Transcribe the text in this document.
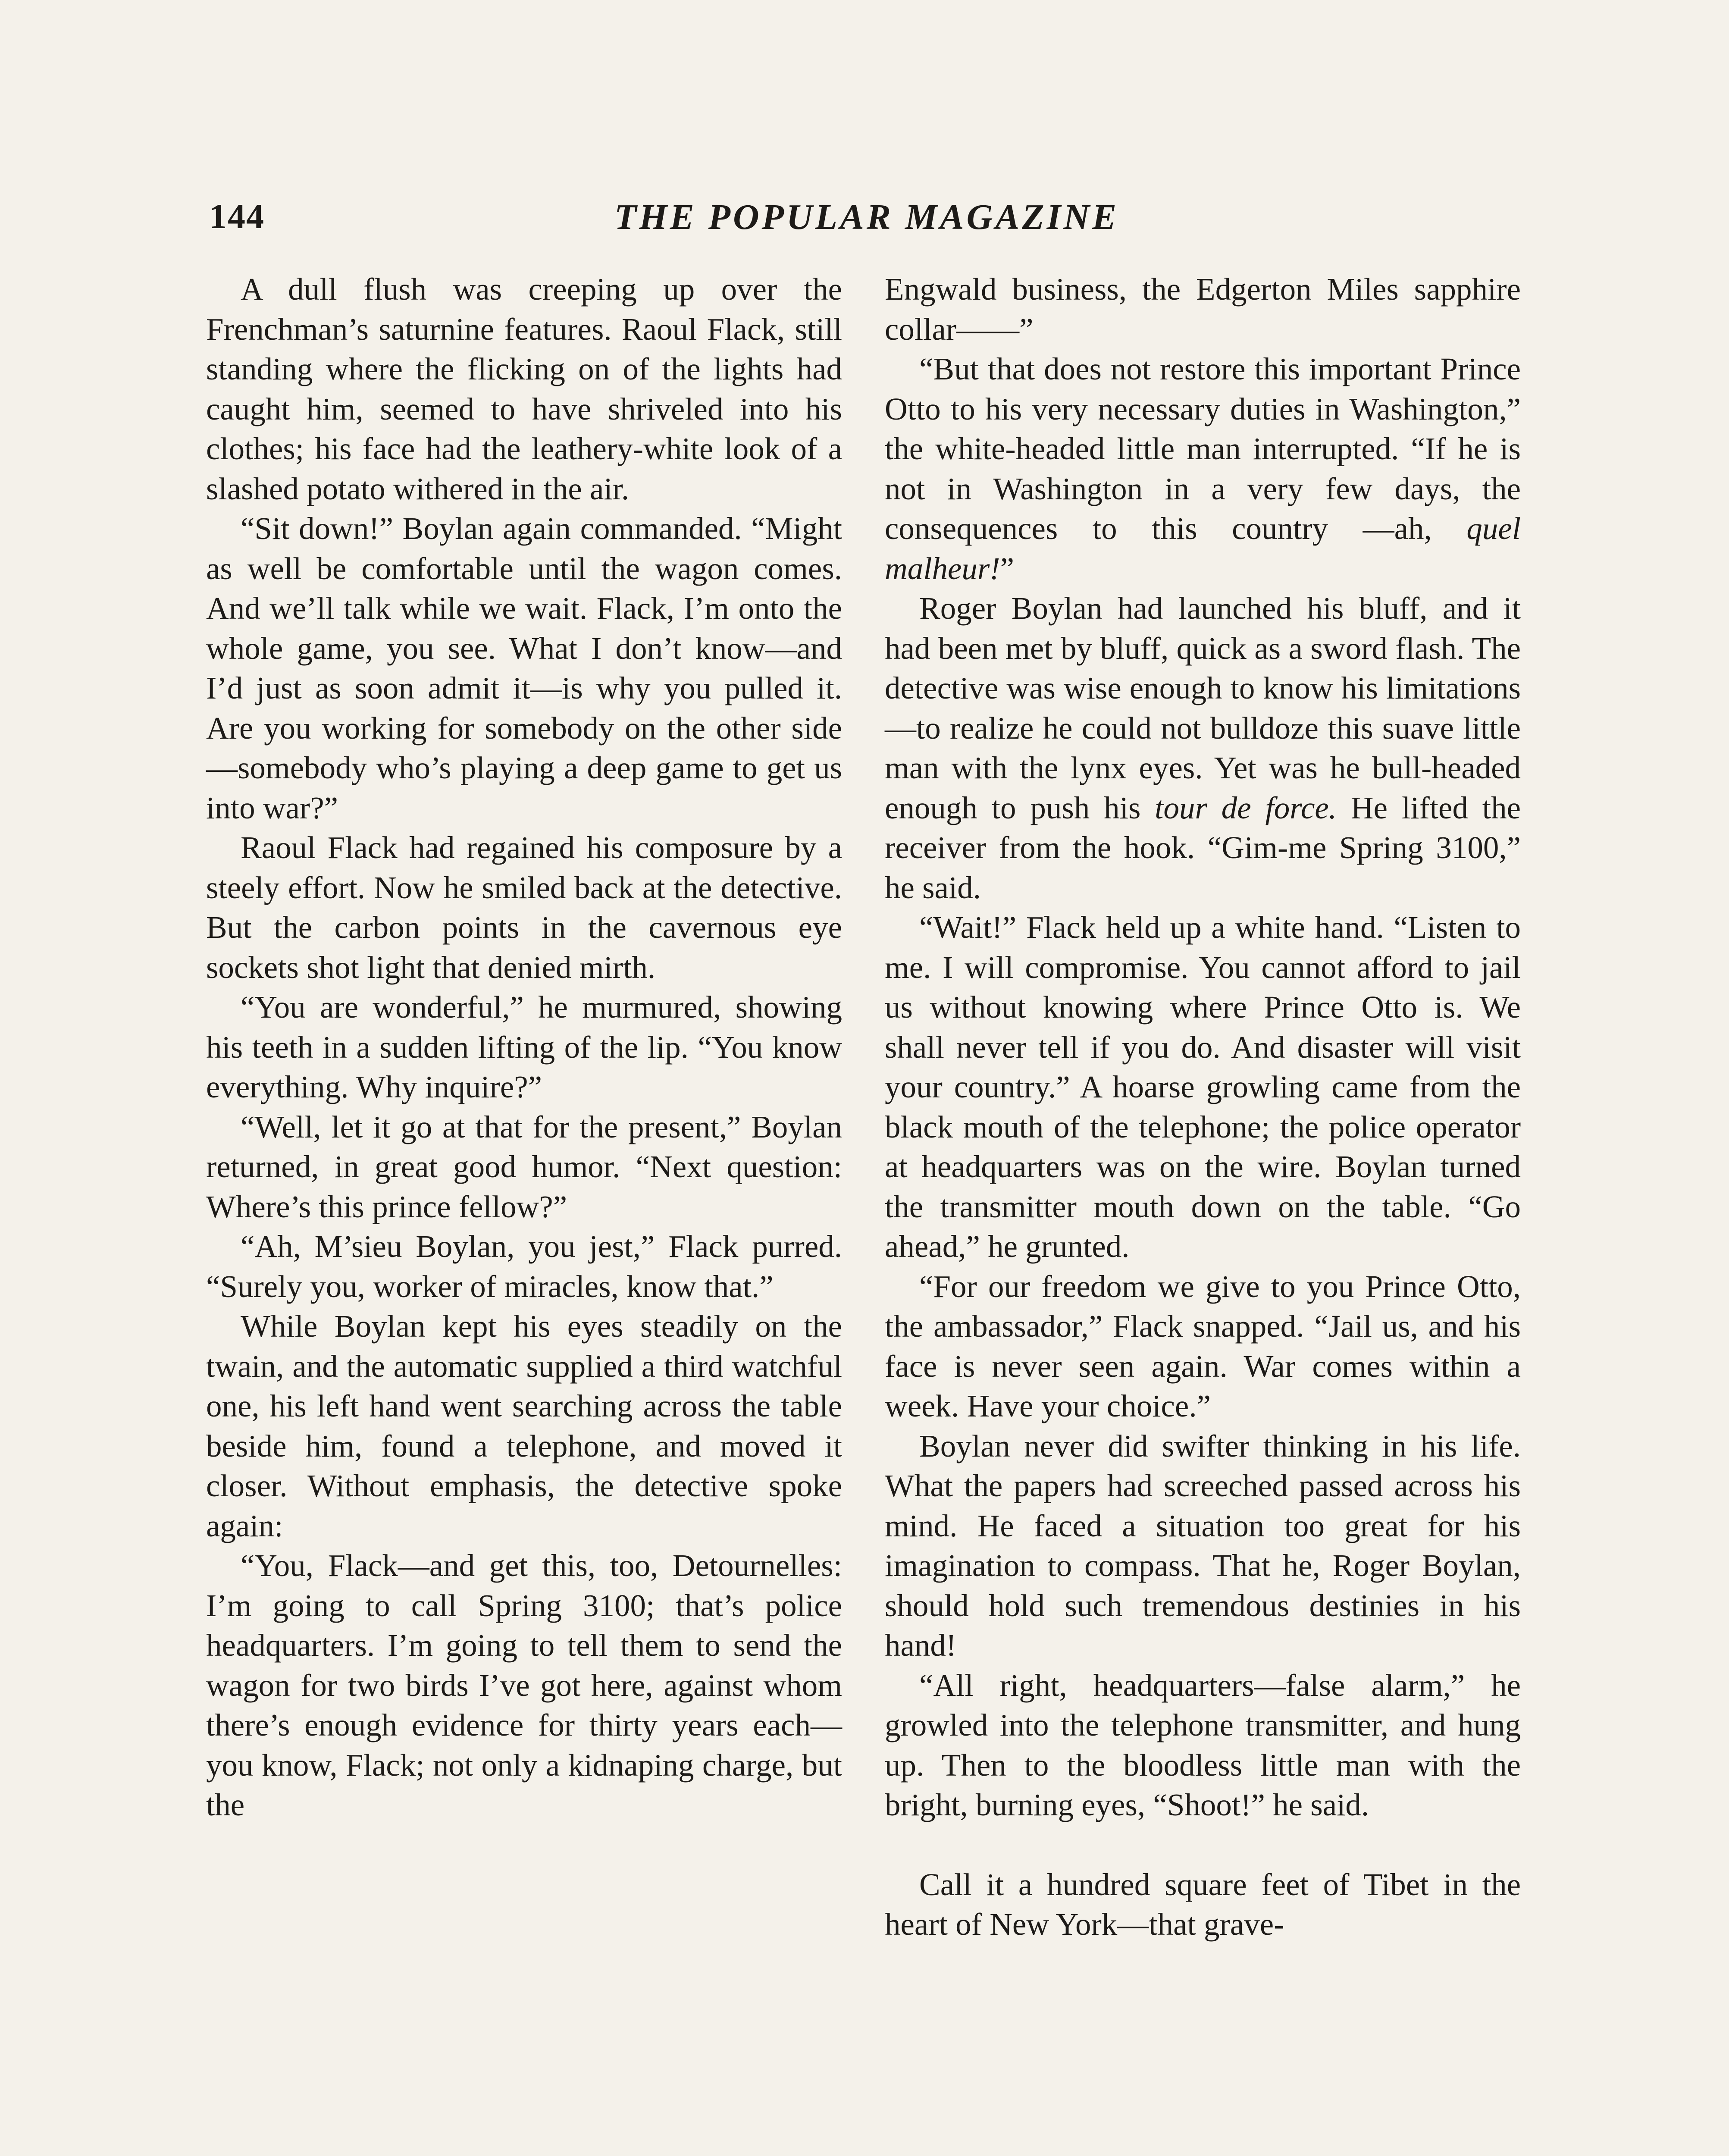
144	THE POPULAR MAGAZINE

A dull flush was creeping up over the Frenchman’s saturnine features. Raoul Flack, still standing where the flicking on of the lights had caught him, seemed to have shriveled into his clothes; his face had the leathery-white look of a slashed potato withered in the air.

“Sit down!” Boylan again commanded. “Might as well be comfortable until the wagon comes. And we’ll talk while we wait. Flack, I’m onto the whole game, you see. What I don’t know—and I’d just as soon admit it—is why you pulled it. Are you working for somebody on the other side—somebody who’s playing a deep game to get us into war?”

Raoul Flack had regained his composure by a steely effort. Now he smiled back at the detective. But the carbon points in the cavernous eye sockets shot light that denied mirth.

“You are wonderful,” he murmured, showing his teeth in a sudden lifting of the lip. “You know everything. Why inquire?”

“Well, let it go at that for the present,” Boylan returned, in great good humor. “Next question: Where’s this prince fellow?”

“Ah, M’sieu Boylan, you jest,” Flack purred. “Surely you, worker of miracles, know that.”

While Boylan kept his eyes steadily on the twain, and the automatic supplied a third watchful one, his left hand went searching across the table beside him, found a telephone, and moved it closer. Without emphasis, the detective spoke again:

“You, Flack—and get this, too, Detournelles: I’m going to call Spring 3100; that’s police headquarters. I’m going to tell them to send the wagon for two birds I’ve got here, against whom there’s enough evidence for thirty years each—you know, Flack; not only a kidnaping charge, but the

Engwald business, the Edgerton Miles sapphire collar——”

“But that does not restore this important Prince Otto to his very necessary duties in Washington,” the white-headed little man interrupted. “If he is not in Washington in a very few days, the consequences to this country —ah, quel malheur!”

Roger Boylan had launched his bluff, and it had been met by bluff, quick as a sword flash. The detective was wise enough to know his limitations—to realize he could not bulldoze this suave little man with the lynx eyes. Yet was he bull-headed enough to push his tour de force. He lifted the receiver from the hook. “Gim-me Spring 3100,” he said.

“Wait!” Flack held up a white hand. “Listen to me. I will compromise. You cannot afford to jail us without knowing where Prince Otto is. We shall never tell if you do. And disaster will visit your country.” A hoarse growling came from the black mouth of the telephone; the police operator at headquarters was on the wire. Boylan turned the transmitter mouth down on the table. “Go ahead,” he grunted.

“For our freedom we give to you Prince Otto, the ambassador,” Flack snapped. “Jail us, and his face is never seen again. War comes within a week. Have your choice.”

Boylan never did swifter thinking in his life. What the papers had screeched passed across his mind. He faced a situation too great for his imagination to compass. That he, Roger Boylan, should hold such tremendous destinies in his hand!

“All right, headquarters—false alarm,” he growled into the telephone transmitter, and hung up. Then to the bloodless little man with the bright, burning eyes, “Shoot!” he said.

Call it a hundred square feet of Tibet in the heart of New York—that grave-
